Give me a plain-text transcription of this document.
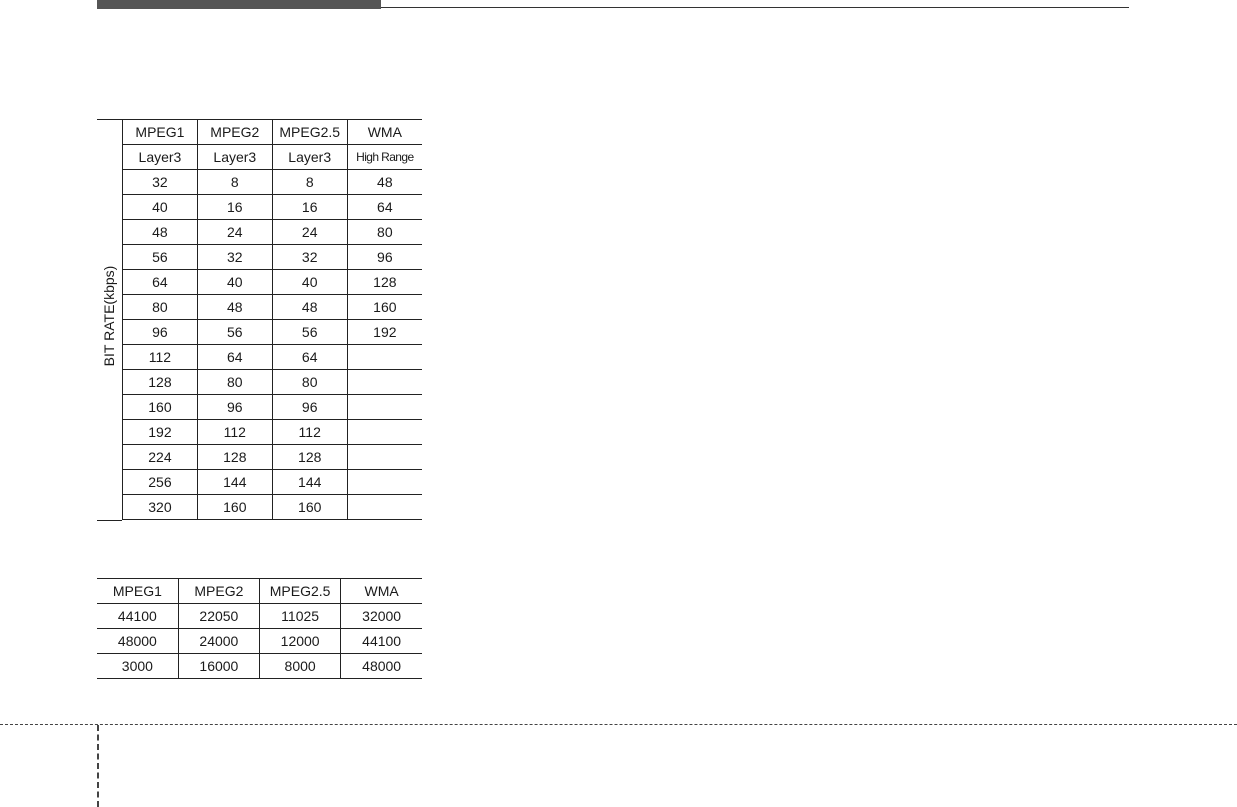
BIT RATE(kbps)
MPEG1	MPEG2	MPEG2.5	WMA
Layer3	Layer3	Layer3	High Range
32	8	8	48
40	16	16	64
48	24	24	80
56	32	32	96
64	40	40	128
80	48	48	160
96	56	56	192
112	64	64	
128	80	80	
160	96	96	
192	112	112	
224	128	128	
256	144	144	
320	160	160	
MPEG1	MPEG2	MPEG2.5	WMA
44100	22050	11025	32000
48000	24000	12000	44100
3000	16000	8000	48000
